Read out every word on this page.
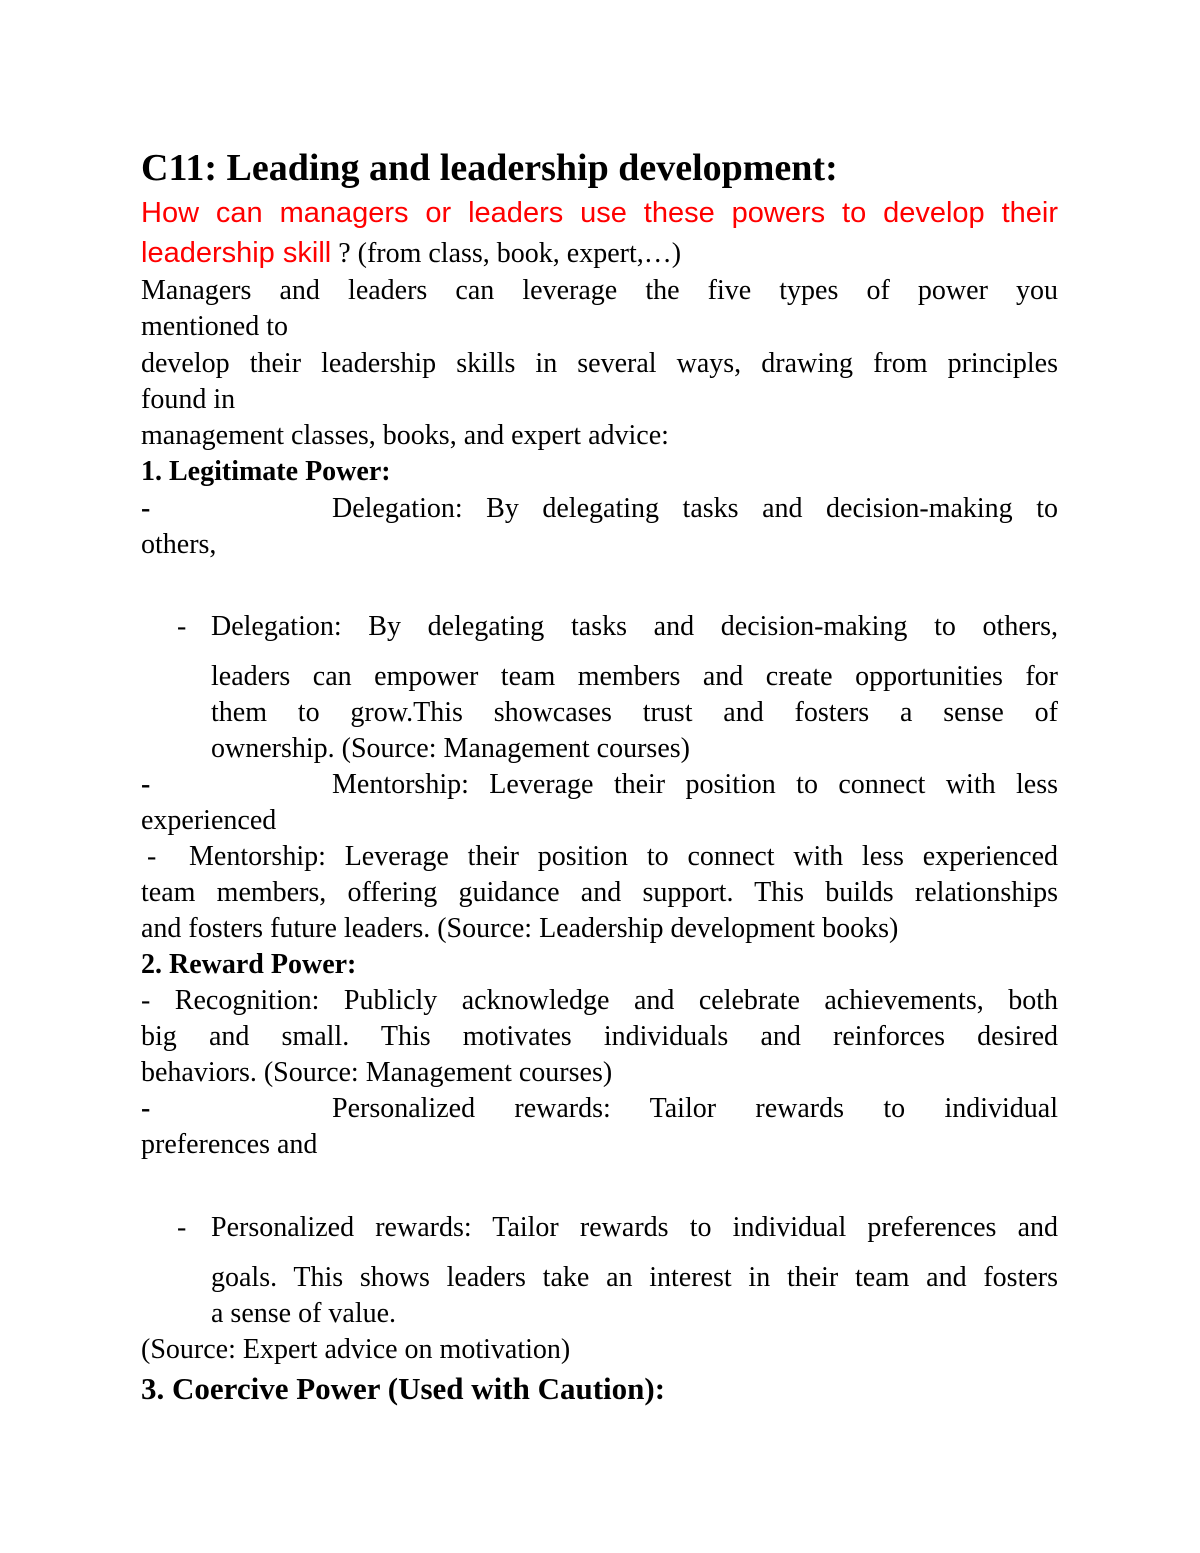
C11: Leading and leadership development:
How can managers or leaders use these powers to develop their
leadership skill ? (from class, book, expert,…)
Managers and leaders can leverage the five types of power you
mentioned to
develop their leadership skills in several ways, drawing from principles
found in
management classes, books, and expert advice:
1. Legitimate Power:
-	Delegation: By delegating tasks and decision-making to
others,
- Delegation: By delegating tasks and decision-making to others,
leaders can empower team members and create opportunities for
them to grow.This showcases trust and fosters a sense of
ownership. (Source: Management courses)
-	Mentorship: Leverage their position to connect with less
experienced
-	Mentorship: Leverage their position to connect with less experienced
team members, offering guidance and support. This builds relationships
and fosters future leaders. (Source: Leadership development books)
2. Reward Power:
- Recognition: Publicly acknowledge and celebrate achievements, both
big and small. This motivates individuals and reinforces desired
behaviors. (Source: Management courses)
-	Personalized rewards: Tailor rewards to individual
preferences and
- Personalized rewards: Tailor rewards to individual preferences and
goals. This shows leaders take an interest in their team and fosters
a sense of value.
(Source: Expert advice on motivation)
3. Coercive Power (Used with Caution):
